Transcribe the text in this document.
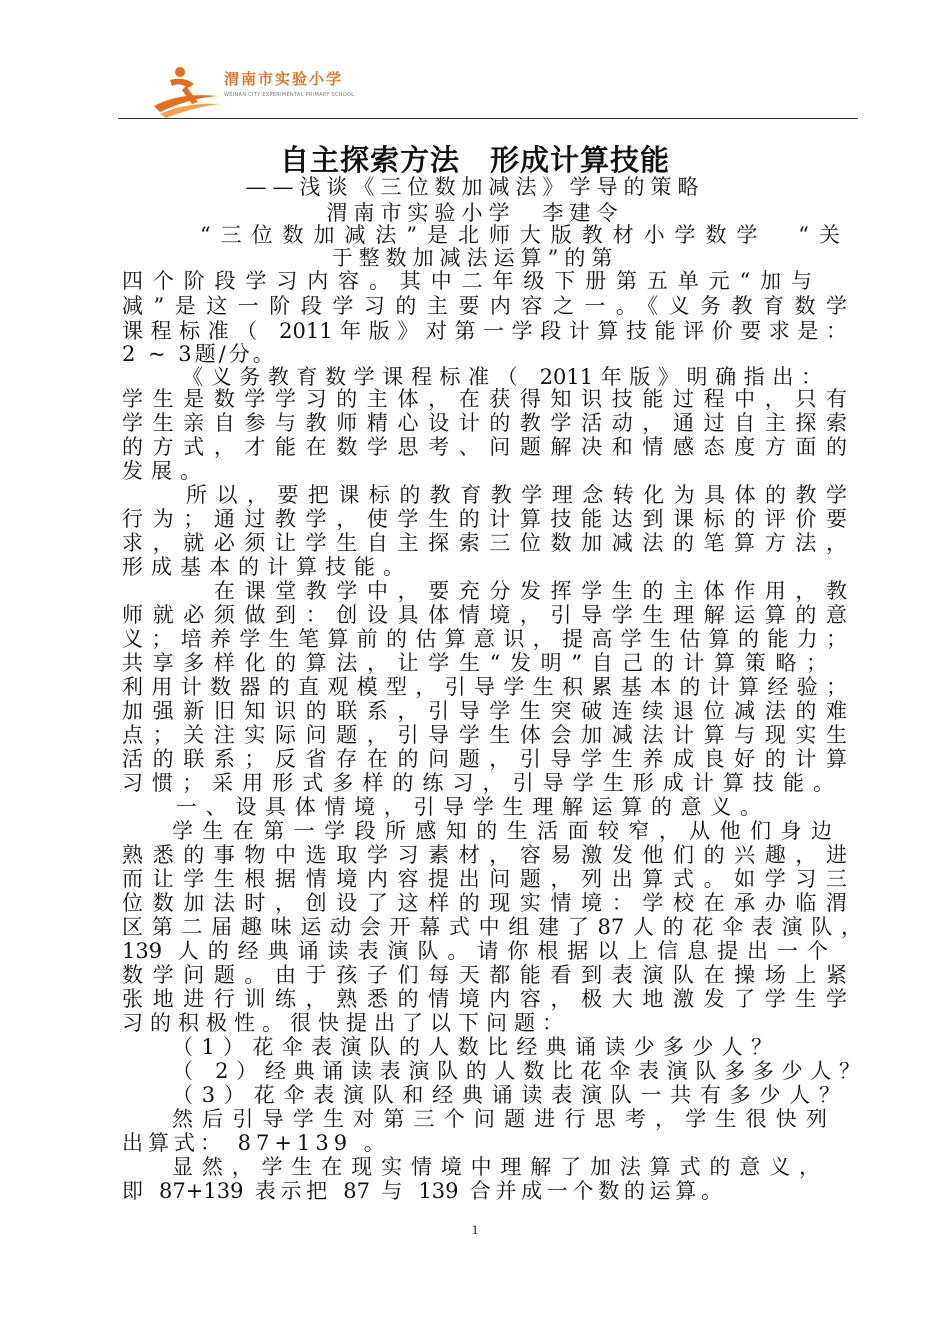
渭南市实验小学
WEINAN CITY EXPERIMENTAL PRIMARY SCHOOL
自主探索方法　形成计算技能
——浅谈《三位数加减法》学导的策略
渭南市实验小学　李建令
“三位数加减法”是北师大版教材小学数学　“关
于整数加减法运算”的第
四个阶段学习内容。其中二年级下册第五单元“加与
减”是这一阶段学习的主要内容之一。《义务教育数学
课程标准（ 2011年版》对第一学段计算技能评价要求是：
2 ~ 3题/分。
《义务教育数学课程标准（ 2011年版》明确指出：
学生是数学学习的主体，在获得知识技能过程中，只有
学生亲自参与教师精心设计的教学活动，通过自主探索
的方式，才能在数学思考、问题解决和情感态度方面的
发展。
所以，要把课标的教育教学理念转化为具体的教学
行为；通过教学，使学生的计算技能达到课标的评价要
求，就必须让学生自主探索三位数加减法的笔算方法，
形成基本的计算技能。
在课堂教学中，要充分发挥学生的主体作用，教
师就必须做到：创设具体情境，引导学生理解运算的意
义；培养学生笔算前的估算意识，提高学生估算的能力；
共享多样化的算法，让学生“发明”自己的计算策略；
利用计数器的直观模型，引导学生积累基本的计算经验；
加强新旧知识的联系，引导学生突破连续退位减法的难
点；关注实际问题，引导学生体会加减法计算与现实生
活的联系；反省存在的问题，引导学生养成良好的计算
习惯；采用形式多样的练习，引导学生形成计算技能。
一、设具体情境，引导学生理解运算的意义。
学生在第一学段所感知的生活面较窄，从他们身边
熟悉的事物中选取学习素材，容易激发他们的兴趣，进
而让学生根据情境内容提出问题，列出算式。如学习三
位数加法时，创设了这样的现实情境：学校在承办临渭
区第二届趣味运动会开幕式中组建了87人的花伞表演队，
139 人的经典诵读表演队。请你根据以上信息提出一个
数学问题。由于孩子们每天都能看到表演队在操场上紧
张地进行训练，熟悉的情境内容，极大地激发了学生学
习的积极性。很快提出了以下问题：
（1）花伞表演队的人数比经典诵读少多少人？
（ 2）经典诵读表演队的人数比花伞表演队多多少人？
（3）花伞表演队和经典诵读表演队一共有多少人？
然后引导学生对第三个问题进行思考，学生很快列
出算式： 87+139 。
显然，学生在现实情境中理解了加法算式的意义，
即 87+139 表示把 87 与 139 合并成一个数的运算。
1
